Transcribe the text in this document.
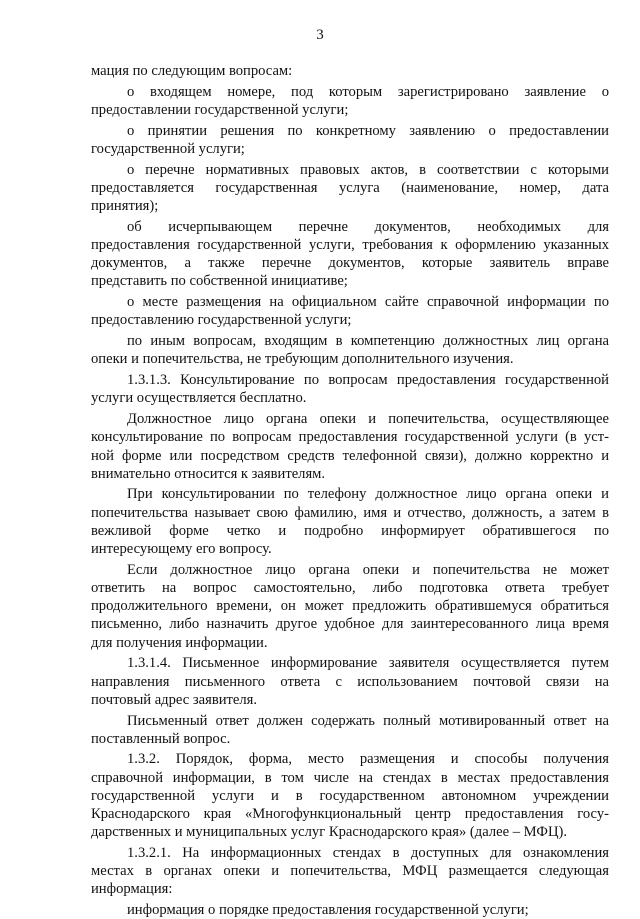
3
мация по следующим вопросам:
о входящем номере, под которым зарегистрировано заявление о
предоставлении государственной услуги;
о принятии решения по конкретному заявлению о предоставлении
государственной услуги;
о перечне нормативных правовых актов, в соответствии с которыми
предоставляется государственная услуга (наименование, номер, дата
принятия);
об исчерпывающем перечне документов, необходимых для
предоставления государственной услуги, требования к оформлению указанных
документов, а также перечне документов, которые заявитель вправе
представить по собственной инициативе;
о месте размещения на официальном сайте справочной информации по
предоставлению государственной услуги;
по иным вопросам, входящим в компетенцию должностных лиц органа
опеки и попечительства, не требующим дополнительного изучения.
1.3.1.3. Консультирование по вопросам предоставления государственной
услуги осуществляется бесплатно.
Должностное лицо органа опеки и попечительства, осуществляющее
консультирование по вопросам предоставления государственной услуги (в уст-
ной форме или посредством средств телефонной связи), должно корректно и
внимательно относится к заявителям.
При консультировании по телефону должностное лицо органа опеки и
попечительства называет свою фамилию, имя и отчество, должность, а затем в
вежливой форме четко и подробно информирует обратившегося по
интересующему его вопросу.
Если должностное лицо органа опеки и попечительства не может
ответить на вопрос самостоятельно, либо подготовка ответа требует
продолжительного времени, он может предложить обратившемуся обратиться
письменно, либо назначить другое удобное для заинтересованного лица время
для получения информации.
1.3.1.4. Письменное информирование заявителя осуществляется путем
направления письменного ответа с использованием почтовой связи на
почтовый адрес заявителя.
Письменный ответ должен содержать полный мотивированный ответ на
поставленный вопрос.
1.3.2. Порядок, форма, место размещения и способы получения
справочной информации, в том числе на стендах в местах предоставления
государственной услуги и в государственном автономном учреждении
Краснодарского края «Многофункциональный центр предоставления госу-
дарственных и муниципальных услуг Краснодарского края» (далее – МФЦ).
1.3.2.1. На информационных стендах в доступных для ознакомления
местах в органах опеки и попечительства, МФЦ размещается следующая
информация:
информация о порядке предоставления государственной услуги;
